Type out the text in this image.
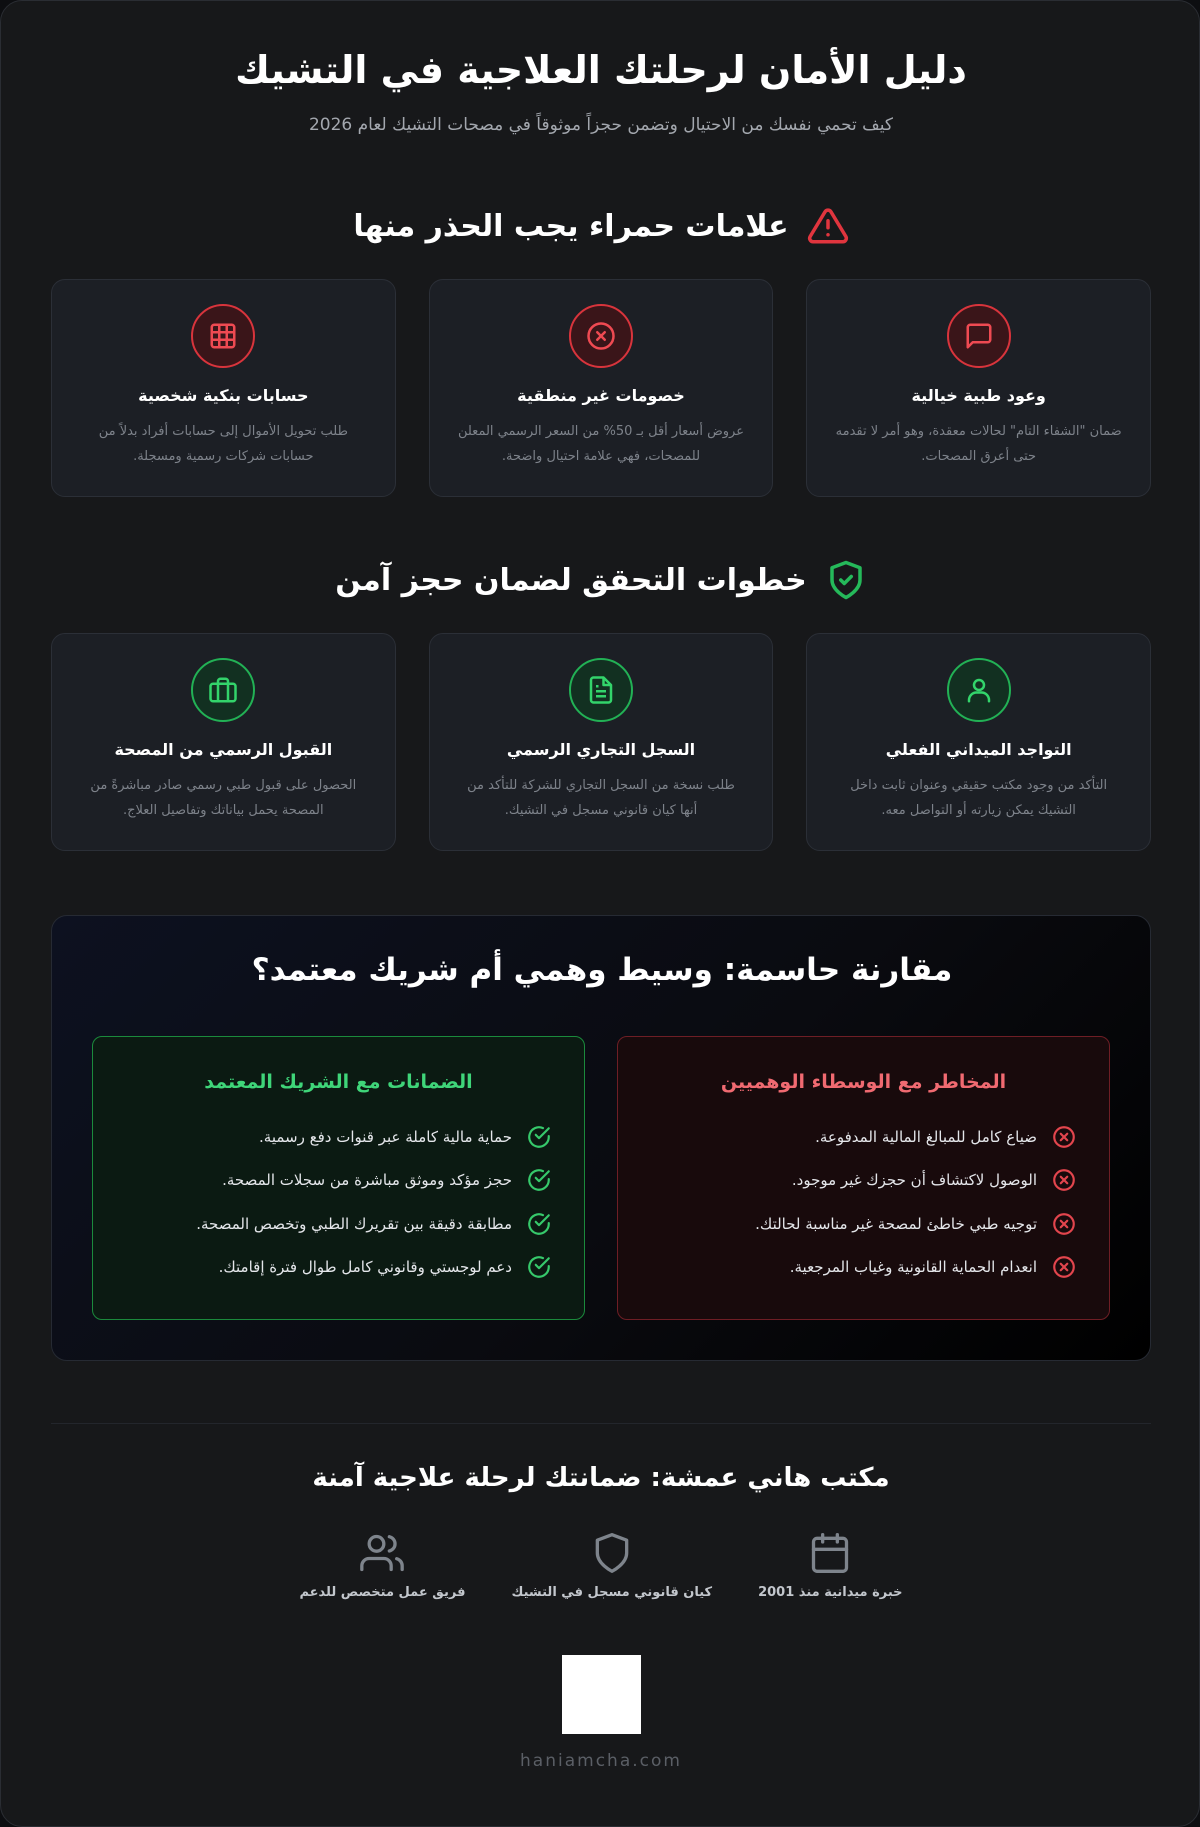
دليل الأمان لرحلتك العلاجية في التشيك

كيف تحمي نفسك من الاحتيال وتضمن حجزاً موثوقاً في مصحات التشيك لعام 2026

علامات حمراء يجب الحذر منها
وعود طبية خيالية
ضمان "الشفاء التام" لحالات معقدة، وهو أمر لا تقدمه حتى أعرق المصحات.
خصومات غير منطقية
عروض أسعار أقل بـ 50% من السعر الرسمي المعلن للمصحات، فهي علامة احتيال واضحة.
حسابات بنكية شخصية
طلب تحويل الأموال إلى حسابات أفراد بدلاً من حسابات شركات رسمية ومسجلة.
خطوات التحقق لضمان حجز آمن
التواجد الميداني الفعلي
التأكد من وجود مكتب حقيقي وعنوان ثابت داخل التشيك يمكن زيارته أو التواصل معه.
السجل التجاري الرسمي
طلب نسخة من السجل التجاري للشركة للتأكد من أنها كيان قانوني مسجل في التشيك.
القبول الرسمي من المصحة
الحصول على قبول طبي رسمي صادر مباشرةً من المصحة يحمل بياناتك وتفاصيل العلاج.
مقارنة حاسمة: وسيط وهمي أم شريك معتمد؟
المخاطر مع الوسطاء الوهميين
ضياع كامل للمبالغ المالية المدفوعة.
الوصول لاكتشاف أن حجزك غير موجود.
توجيه طبي خاطئ لمصحة غير مناسبة لحالتك.
انعدام الحماية القانونية وغياب المرجعية.
الضمانات مع الشريك المعتمد
حماية مالية كاملة عبر قنوات دفع رسمية.
حجز مؤكد وموثق مباشرة من سجلات المصحة.
مطابقة دقيقة بين تقريرك الطبي وتخصص المصحة.
دعم لوجستي وقانوني كامل طوال فترة إقامتك.
مكتب هاني عمشة: ضمانتك لرحلة علاجية آمنة
خبرة ميدانية منذ 2001
كيان قانوني مسجل في التشيك
فريق عمل متخصص للدعم
haniamcha.com
